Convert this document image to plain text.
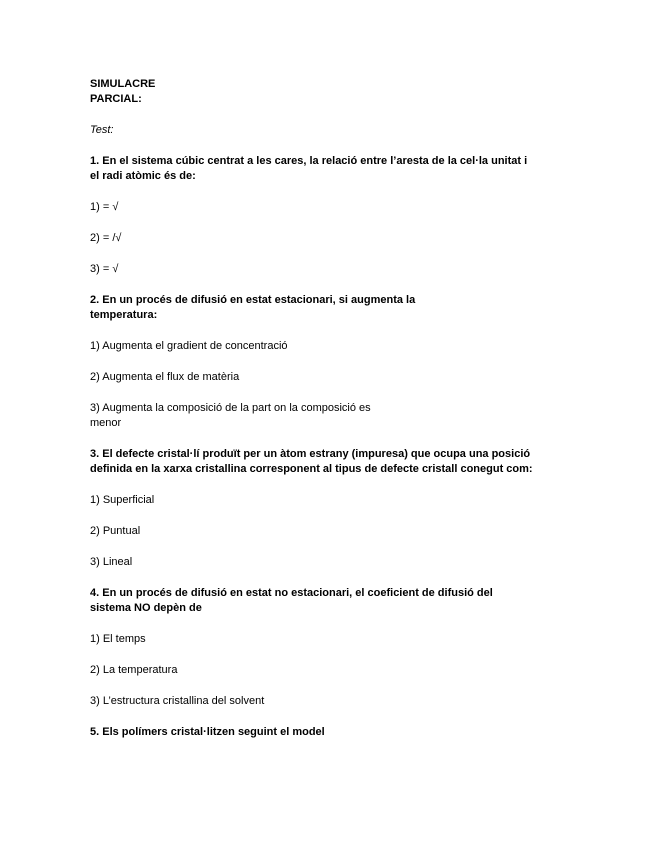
SIMULACRE PARCIAL:
Test:
1. En el sistema cúbic centrat a les cares, la relació entre l’aresta de la cel·la unitat i el radi atòmic és de:
1) = √
2) = /√
3) = √
2. En un procés de difusió en estat estacionari, si augmenta la temperatura:
1) Augmenta el gradient de concentració
2) Augmenta el flux de matèria
3) Augmenta la composició de la part on la composició es menor
3. El defecte cristal·lí produït per un àtom estrany (impuresa) que ocupa una posició definida en la xarxa cristallina corresponent al tipus de defecte cristall conegut com:
1) Superficial
2) Puntual
3) Lineal
4. En un procés de difusió en estat no estacionari, el coeficient de difusió del sistema NO depèn de
1) El temps
2) La temperatura
3) L’estructura cristallina del solvent
5. Els polímers cristal·litzen seguint el model
